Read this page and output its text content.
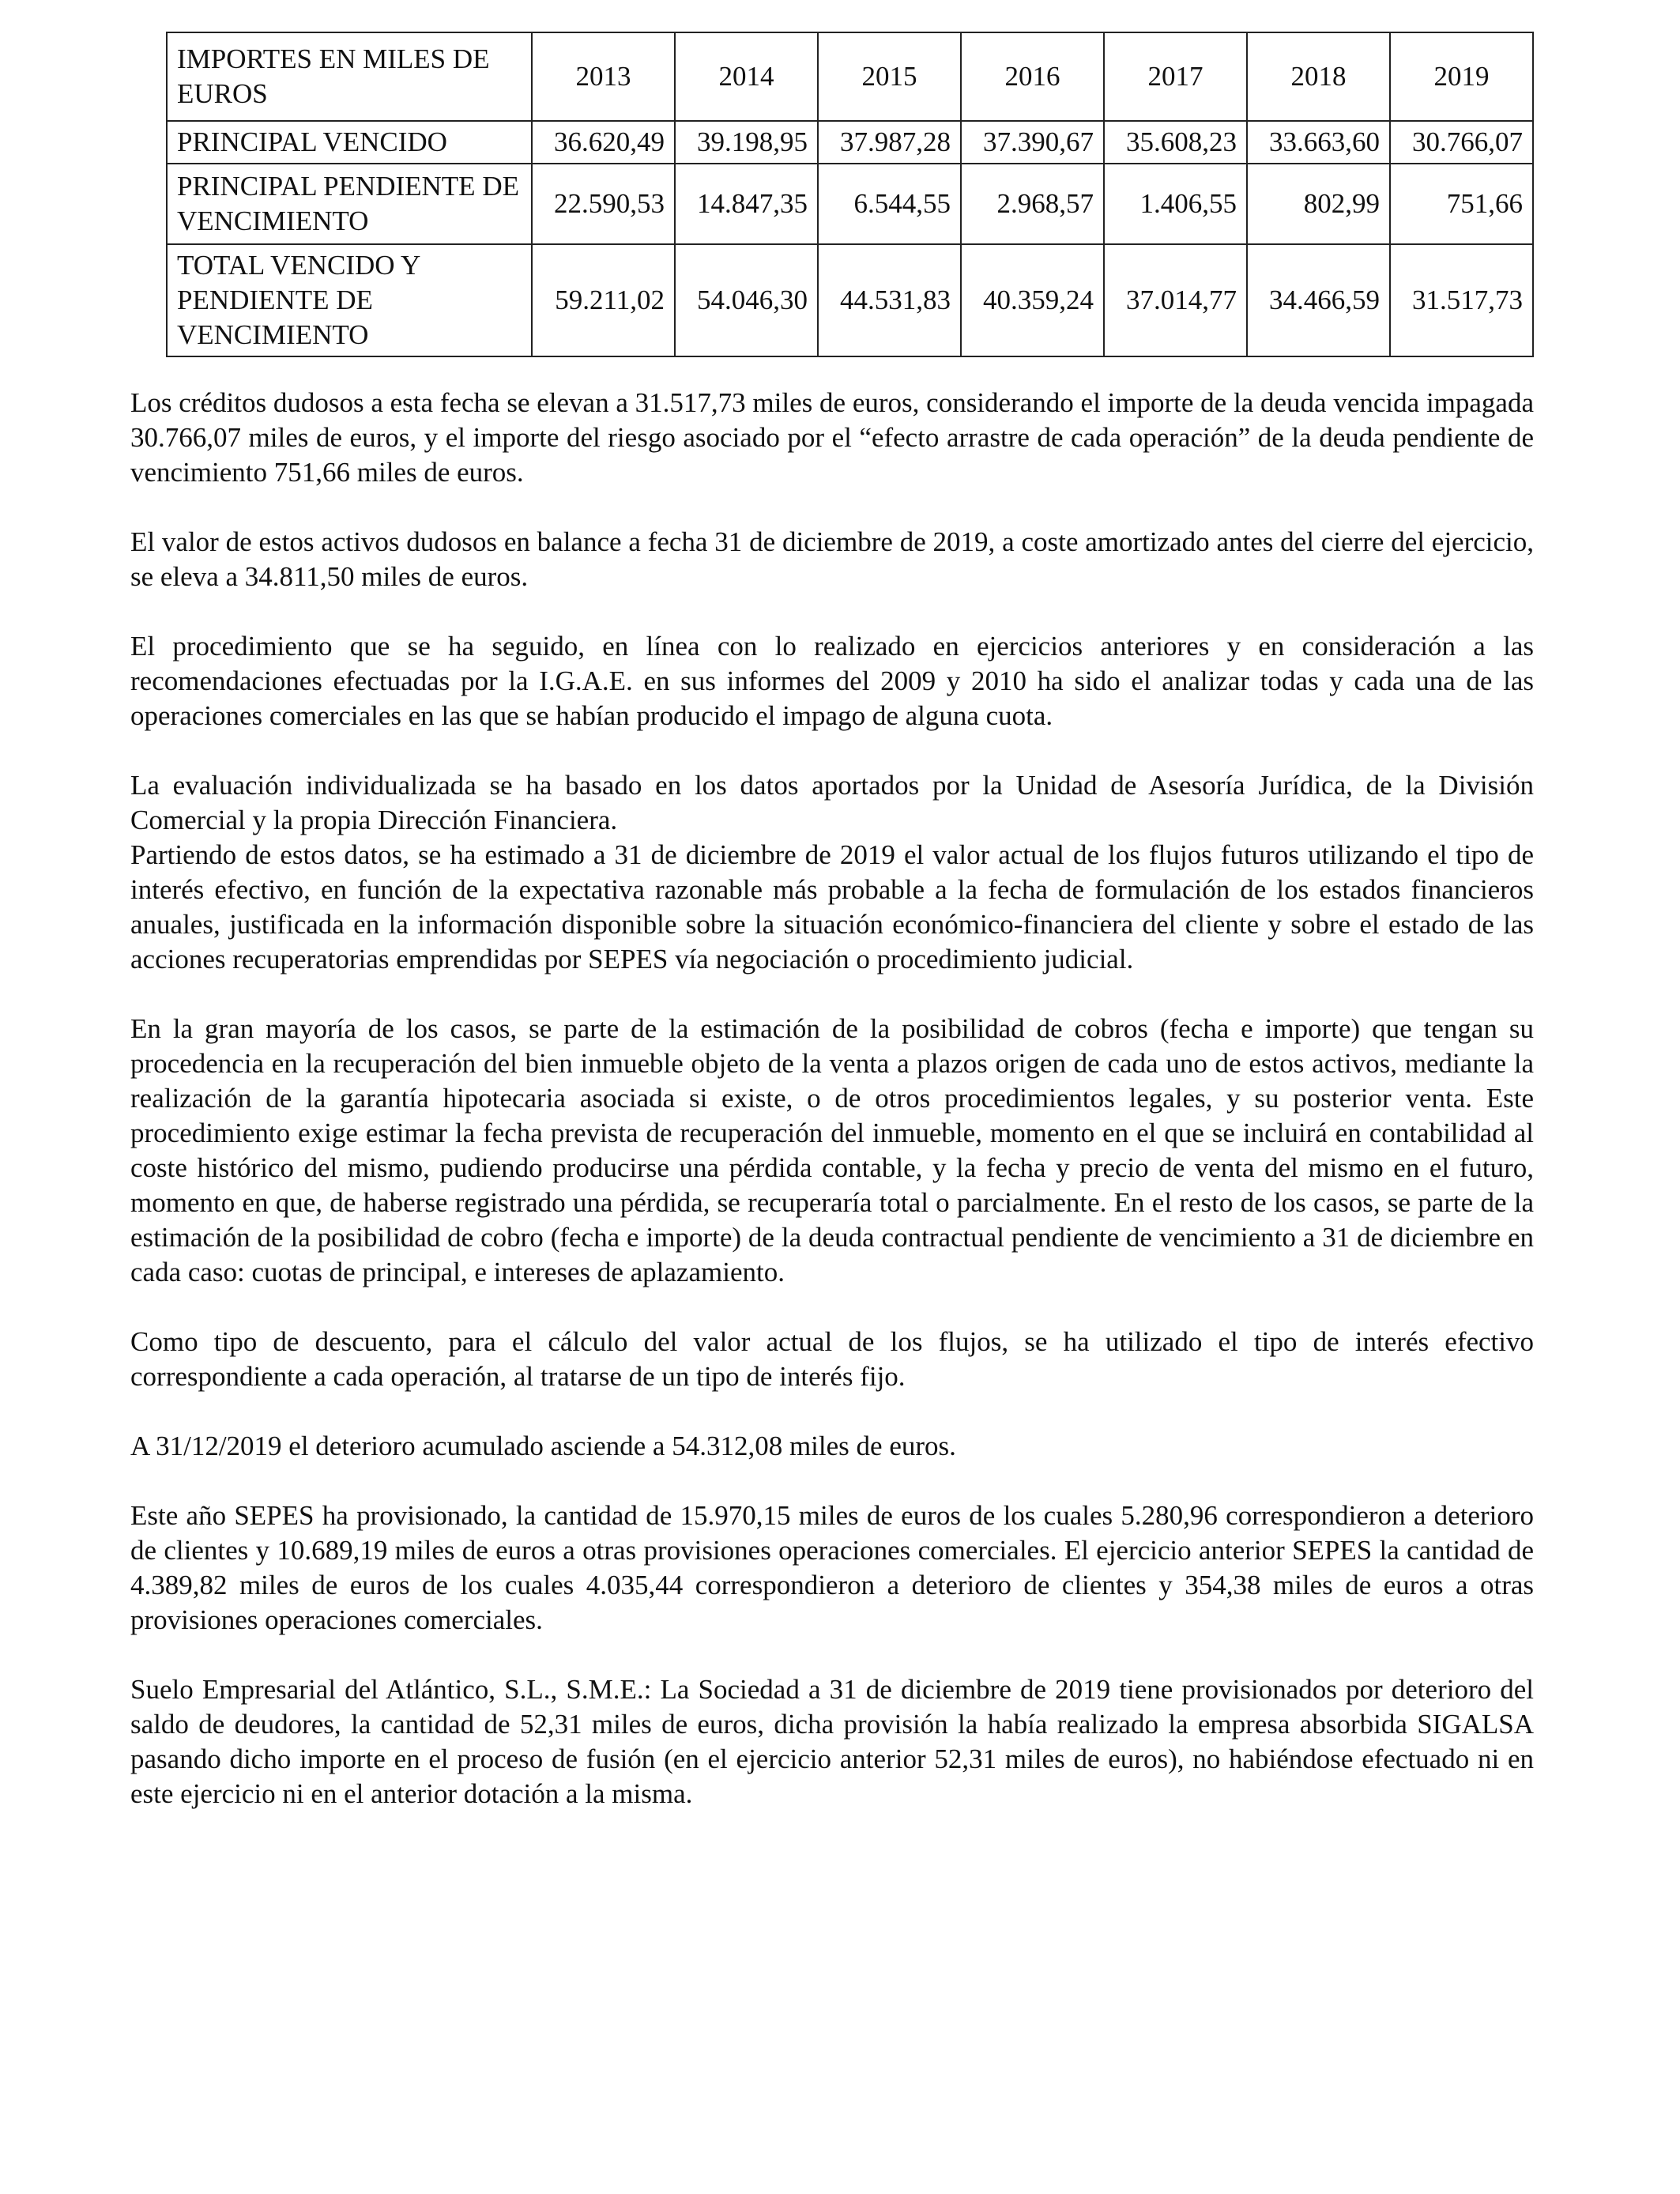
IMPORTES EN MILES DE EUROS	2013	2014	2015	2016	2017	2018	2019
PRINCIPAL VENCIDO	36.620,49	39.198,95	37.987,28	37.390,67	35.608,23	33.663,60	30.766,07
PRINCIPAL PENDIENTE DE VENCIMIENTO	22.590,53	14.847,35	6.544,55	2.968,57	1.406,55	802,99	751,66
TOTAL VENCIDO Y PENDIENTE DE VENCIMIENTO	59.211,02	54.046,30	44.531,83	40.359,24	37.014,77	34.466,59	31.517,73

Los créditos dudosos a esta fecha se elevan a 31.517,73 miles de euros, considerando el importe de la deuda vencida impagada 30.766,07 miles de euros, y el importe del riesgo asociado por el “efecto arrastre de cada operación” de la deuda pendiente de vencimiento 751,66 miles de euros.

El valor de estos activos dudosos en balance a fecha 31 de diciembre de 2019, a coste amortizado antes del cierre del ejercicio, se eleva a 34.811,50 miles de euros.

El procedimiento que se ha seguido, en línea con lo realizado en ejercicios anteriores y en consideración a las recomendaciones efectuadas por la I.G.A.E. en sus informes del 2009 y 2010 ha sido el analizar todas y cada una de las operaciones comerciales en las que se habían producido el impago de alguna cuota.

La evaluación individualizada se ha basado en los datos aportados por la Unidad de Asesoría Jurídica, de la División Comercial y la propia Dirección Financiera.

Partiendo de estos datos, se ha estimado a 31 de diciembre de 2019 el valor actual de los flujos futuros utilizando el tipo de interés efectivo, en función de la expectativa razonable más probable a la fecha de formulación de los estados financieros anuales, justificada en la información disponible sobre la situación económico-financiera del cliente y sobre el estado de las acciones recuperatorias emprendidas por SEPES vía negociación o procedimiento judicial.

En la gran mayoría de los casos, se parte de la estimación de la posibilidad de cobros (fecha e importe) que tengan su procedencia en la recuperación del bien inmueble objeto de la venta a plazos origen de cada uno de estos activos, mediante la realización de la garantía hipotecaria asociada si existe, o de otros procedimientos legales, y su posterior venta. Este procedimiento exige estimar la fecha prevista de recuperación del inmueble, momento en el que se incluirá en contabilidad al coste histórico del mismo, pudiendo producirse una pérdida contable, y la fecha y precio de venta del mismo en el futuro, momento en que, de haberse registrado una pérdida, se recuperaría total o parcialmente. En el resto de los casos, se parte de la estimación de la posibilidad de cobro (fecha e importe) de la deuda contractual pendiente de vencimiento a 31 de diciembre en cada caso: cuotas de principal, e intereses de aplazamiento.

Como tipo de descuento, para el cálculo del valor actual de los flujos, se ha utilizado el tipo de interés efectivo correspondiente a cada operación, al tratarse de un tipo de interés fijo.

A 31/12/2019 el deterioro acumulado asciende a 54.312,08 miles de euros.

Este año SEPES ha provisionado, la cantidad de 15.970,15 miles de euros de los cuales 5.280,96 correspondieron a deterioro de clientes y 10.689,19 miles de euros a otras provisiones operaciones comerciales. El ejercicio anterior SEPES la cantidad de 4.389,82 miles de euros de los cuales 4.035,44 correspondieron a deterioro de clientes y 354,38 miles de euros a otras provisiones operaciones comerciales.

Suelo Empresarial del Atlántico, S.L., S.M.E.: La Sociedad a 31 de diciembre de 2019 tiene provisionados por deterioro del saldo de deudores, la cantidad de 52,31 miles de euros, dicha provisión la había realizado la empresa absorbida SIGALSA pasando dicho importe en el proceso de fusión (en el ejercicio anterior 52,31 miles de euros), no habiéndose efectuado ni en este ejercicio ni en el anterior dotación a la misma.
